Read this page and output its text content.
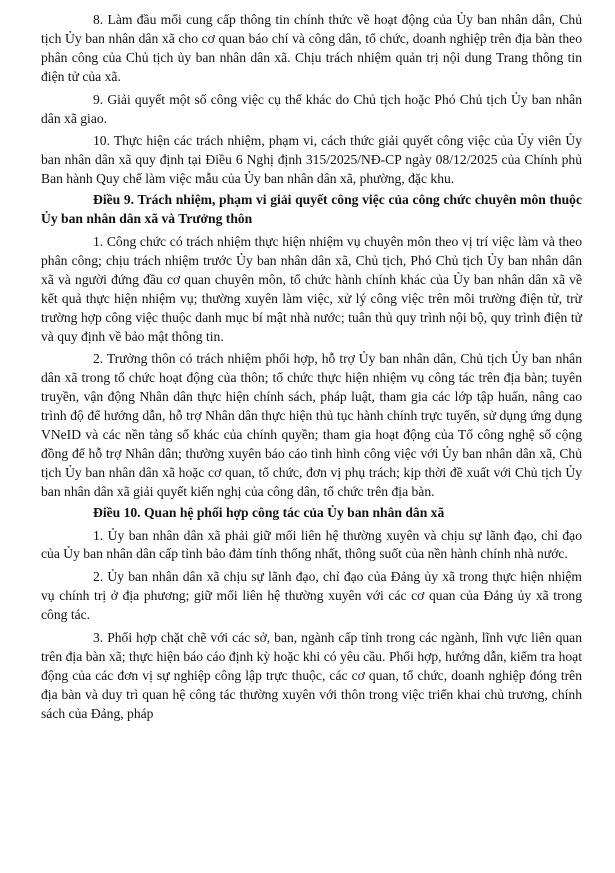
8. Làm đầu mối cung cấp thông tin chính thức về hoạt động của Ủy ban nhân dân, Chủ tịch Ủy ban nhân dân xã cho cơ quan báo chí và công dân, tổ chức, doanh nghiệp trên địa bàn theo phân công của Chủ tịch ủy ban nhân dân xã. Chịu trách nhiệm quản trị nội dung Trang thông tin điện tử của xã.

9. Giải quyết một số công việc cụ thể khác do Chủ tịch hoặc Phó Chủ tịch Ủy ban nhân dân xã giao.

10. Thực hiện các trách nhiệm, phạm vi, cách thức giải quyết công việc của Ủy viên Ủy ban nhân dân xã quy định tại Điều 6 Nghị định 315/2025/NĐ-CP ngày 08/12/2025 của Chính phủ Ban hành Quy chế làm việc mẫu của Ủy ban nhân dân xã, phường, đặc khu.

Điều 9. Trách nhiệm, phạm vi giải quyết công việc của công chức chuyên môn thuộc Ủy ban nhân dân xã và Trưởng thôn

1. Công chức có trách nhiệm thực hiện nhiệm vụ chuyên môn theo vị trí việc làm và theo phân công; chịu trách nhiệm trước Ủy ban nhân dân xã, Chủ tịch, Phó Chủ tịch Ủy ban nhân dân xã và người đứng đầu cơ quan chuyên môn, tổ chức hành chính khác của Ủy ban nhân dân xã về kết quả thực hiện nhiệm vụ; thường xuyên làm việc, xử lý công việc trên môi trường điện tử, trừ trường hợp công việc thuộc danh mục bí mật nhà nước; tuân thủ quy trình nội bộ, quy trình điện tử và quy định về bảo mật thông tin.

2. Trưởng thôn có trách nhiệm phối hợp, hỗ trợ Ủy ban nhân dân, Chủ tịch Ủy ban nhân dân xã trong tổ chức hoạt động của thôn; tổ chức thực hiện nhiệm vụ công tác trên địa bàn; tuyên truyền, vận động Nhân dân thực hiện chính sách, pháp luật, tham gia các lớp tập huấn, nâng cao trình độ để hướng dẫn, hỗ trợ Nhân dân thực hiện thủ tục hành chính trực tuyến, sử dụng ứng dụng VNeID và các nền tảng số khác của chính quyền; tham gia hoạt động của Tổ công nghệ số cộng đồng để hỗ trợ Nhân dân; thường xuyên báo cáo tình hình công việc với Ủy ban nhân dân xã, Chủ tịch Ủy ban nhân dân xã hoặc cơ quan, tổ chức, đơn vị phụ trách; kịp thời đề xuất với Chủ tịch Ủy ban nhân dân xã giải quyết kiến nghị của công dân, tổ chức trên địa bàn.

Điều 10. Quan hệ phối hợp công tác của Ủy ban nhân dân xã

1. Ủy ban nhân dân xã phải giữ mối liên hệ thường xuyên và chịu sự lãnh đạo, chỉ đạo của Ủy ban nhân dân cấp tỉnh bảo đảm tính thống nhất, thông suốt của nền hành chính nhà nước.

2. Ủy ban nhân dân xã chịu sự lãnh đạo, chỉ đạo của Đảng ủy xã trong thực hiện nhiệm vụ chính trị ở địa phương; giữ mối liên hệ thường xuyên với các cơ quan của Đảng ủy xã trong công tác.

3. Phối hợp chặt chẽ với các sở, ban, ngành cấp tỉnh trong các ngành, lĩnh vực liên quan trên địa bàn xã; thực hiện báo cáo định kỳ hoặc khi có yêu cầu. Phối hợp, hướng dẫn, kiểm tra hoạt động của các đơn vị sự nghiệp công lập trực thuộc, các cơ quan, tổ chức, doanh nghiệp đóng trên địa bàn và duy trì quan hệ công tác thường xuyên với thôn trong việc triển khai chủ trương, chính sách của Đảng, pháp
